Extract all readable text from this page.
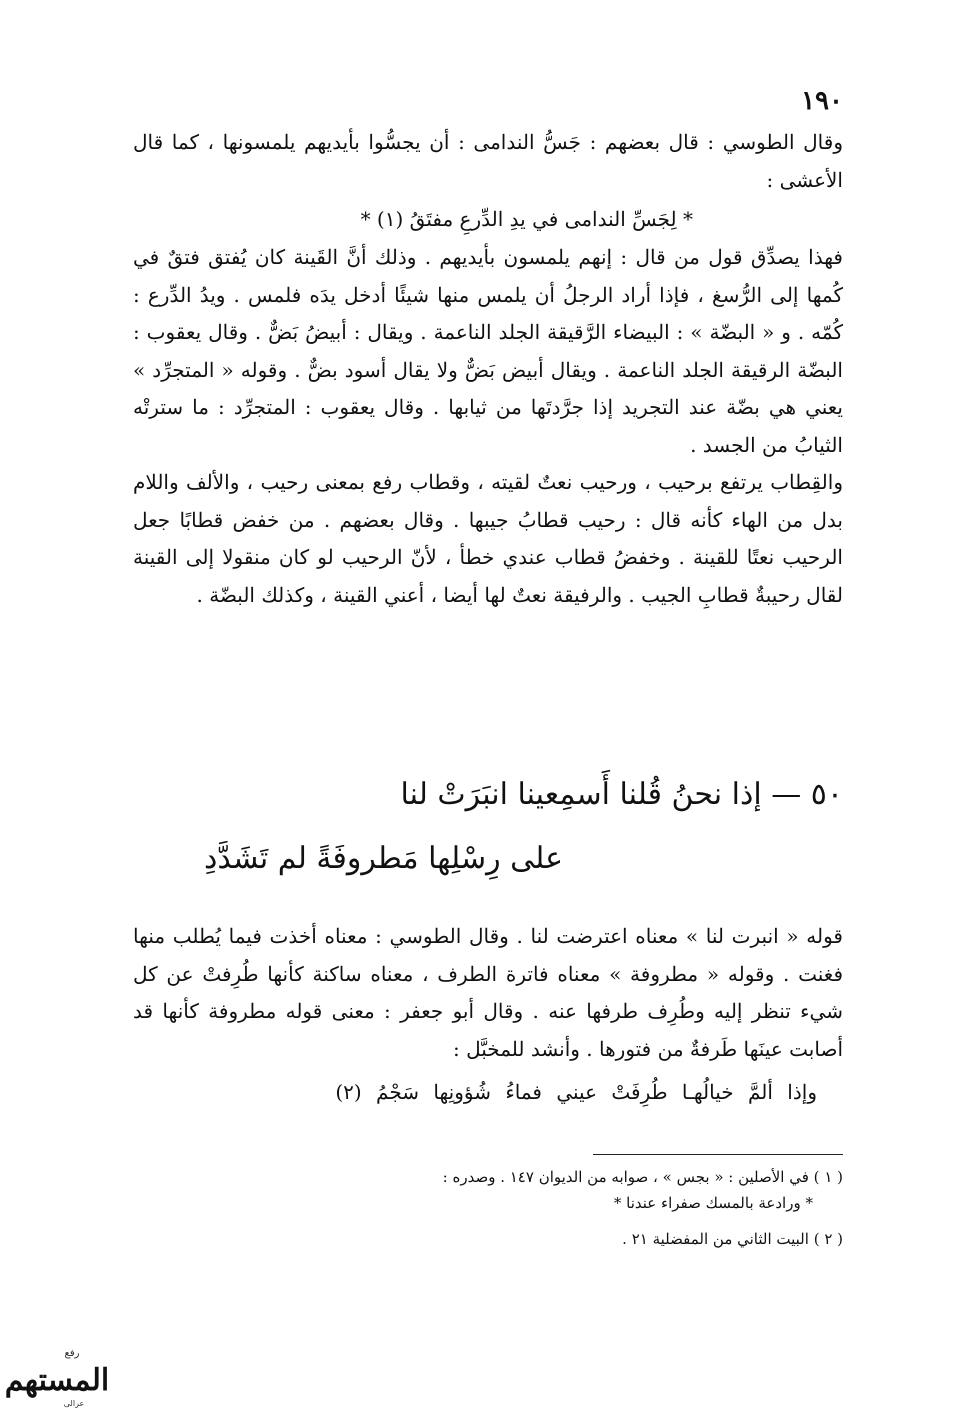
١٩٠

وقال الطوسي : قال بعضهم : جَسُّ الندامى : أن يجسُّوا بأيديهم يلمسونها ، كما قال الأعشى :

* لِجَسِّ الندامى في يدِ الدِّرعِ مفتَقُ (١) *

فهذا يصدِّق قول من قال : إنهم يلمسون بأيديهم . وذلك أنَّ القَينة كان يُفتق فتقٌ في كُمها إلى الرُّسغ ، فإذا أراد الرجلُ أن يلمس منها شيئًا أدخل يدَه فلمس . ويدُ الدِّرع : كُمّه . و « البضّة » : البيضاء الرَّقيقة الجلد الناعمة . ويقال : أبيضُ بَضٌّ . وقال يعقوب : البضّة الرقيقة الجلد الناعمة . ويقال أبيض بَضٌّ ولا يقال أسود بضٌّ . وقوله « المتجرِّد » يعني هي بضّة عند التجريد إذا جرَّدتَها من ثيابها . وقال يعقوب : المتجرِّد : ما سترتْه الثيابُ من الجسد .

والقِطاب يرتفع برحيب ، ورحيب نعتٌ لقيته ، وقطاب رفع بمعنى رحيب ، والألف واللام بدل من الهاء كأنه قال : رحيب قطابُ جيبها . وقال بعضهم . من خفض قطابًا جعل الرحيب نعتًا للقينة . وخفضُ قطاب عندي خطأ ، لأنّ الرحيب لو كان منقولا إلى القينة لقال رحيبةٌ قطابِ الجيب . والرفيقة نعتٌ لها أيضا ، أعني القينة ، وكذلك البضّة .

٥٠ — إذا نحنُ قُلنا أَسمِعينا انبَرَتْ لنا

على رِسْلِها مَطروفَةً لم تَشَدَّدِ

قوله « انبرت لنا » معناه اعترضت لنا . وقال الطوسي : معناه أخذت فيما يُطلب منها فغنت . وقوله « مطروفة » معناه فاترة الطرف ، معناه ساكنة كأنها طُرِفتْ عن كل شيء تنظر إليه وطُرِف طرفها عنه . وقال أبو جعفر : معنى قوله مطروفة كأنها قد أصابت عينَها طَرفةٌ من فتورها . وأنشد للمخبَّل :

وإذا ألمَّ خيالُهـا طُرِفَتْ عيني فماءُ شُؤونِها سَجْمُ (٢)

( ١ ) في الأصلين : « بجس » ، صوابه من الديوان ١٤٧ . وصدره :

* ورادعة بالمسك صفراء عندنا *

( ٢ ) البيت الثاني من المفضلية ٢١ .

رفع
المستهم
عرالى
